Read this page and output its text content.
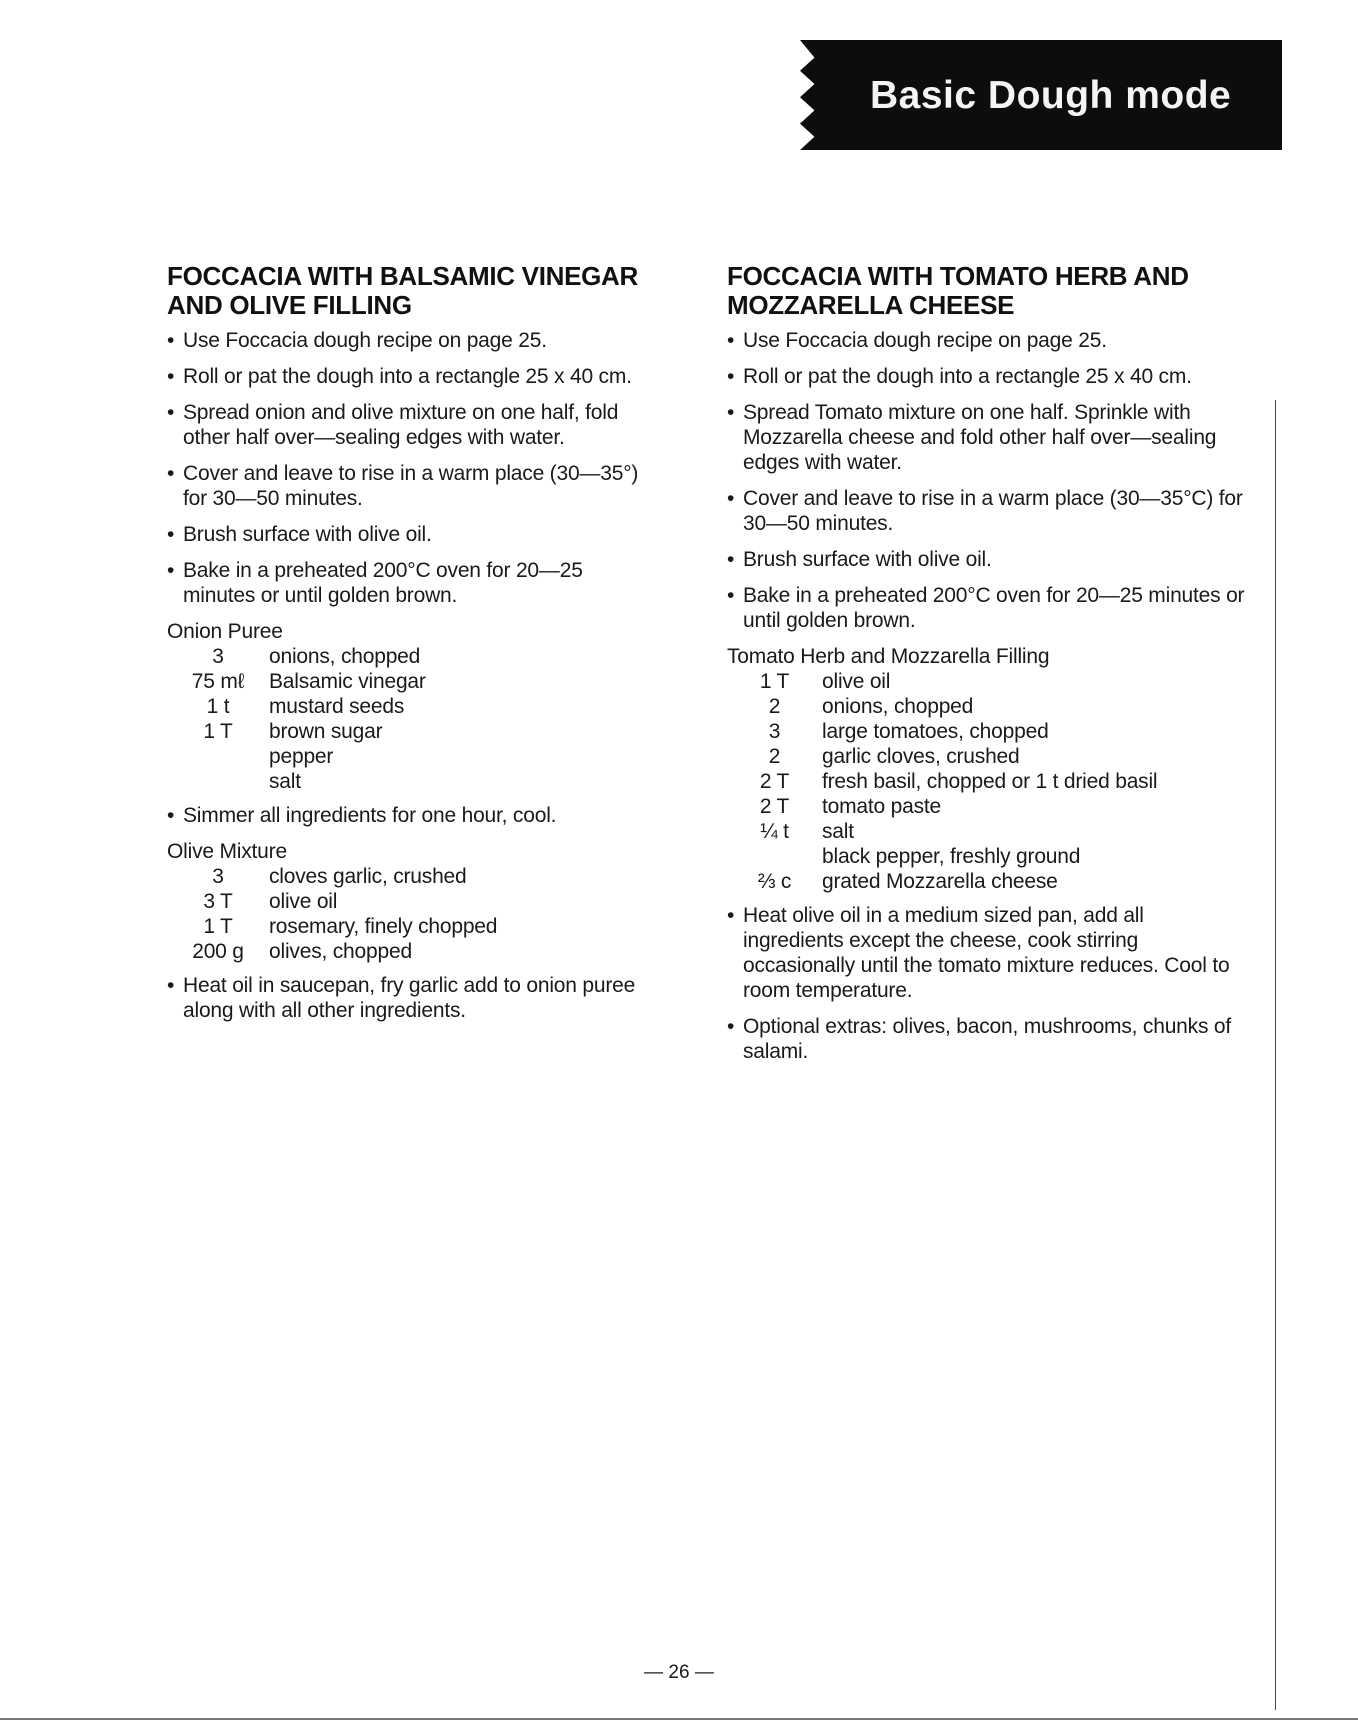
Basic Dough mode
FOCCACIA WITH BALSAMIC VINEGAR
AND OLIVE FILLING
• Use Foccacia dough recipe on page 25.
• Roll or pat the dough into a rectangle 25 x 40 cm.
• Spread onion and olive mixture on one half, fold other half over—sealing edges with water.
• Cover and leave to rise in a warm place (30—35°) for 30—50 minutes.
• Brush surface with olive oil.
• Bake in a preheated 200°C oven for 20—25 minutes or until golden brown.
Onion Puree
3	onions, chopped
75 mℓ	Balsamic vinegar
1 t	mustard seeds
1 T	brown sugar
pepper
salt
• Simmer all ingredients for one hour, cool.
Olive Mixture
3	cloves garlic, crushed
3 T	olive oil
1 T	rosemary, finely chopped
200 g	olives, chopped
• Heat oil in saucepan, fry garlic add to onion puree along with all other ingredients.
FOCCACIA WITH TOMATO HERB AND
MOZZARELLA CHEESE
• Use Foccacia dough recipe on page 25.
• Roll or pat the dough into a rectangle 25 x 40 cm.
• Spread Tomato mixture on one half. Sprinkle with Mozzarella cheese and fold other half over—sealing edges with water.
• Cover and leave to rise in a warm place (30—35°C) for 30—50 minutes.
• Brush surface with olive oil.
• Bake in a preheated 200°C oven for 20—25 minutes or until golden brown.
Tomato Herb and Mozzarella Filling
1 T	olive oil
2	onions, chopped
3	large tomatoes, chopped
2	garlic cloves, crushed
2 T	fresh basil, chopped or 1 t dried basil
2 T	tomato paste
¼ t	salt
black pepper, freshly ground
⅔ c	grated Mozzarella cheese
• Heat olive oil in a medium sized pan, add all ingredients except the cheese, cook stirring occasionally until the tomato mixture reduces. Cool to room temperature.
• Optional extras: olives, bacon, mushrooms, chunks of salami.
— 26 —
